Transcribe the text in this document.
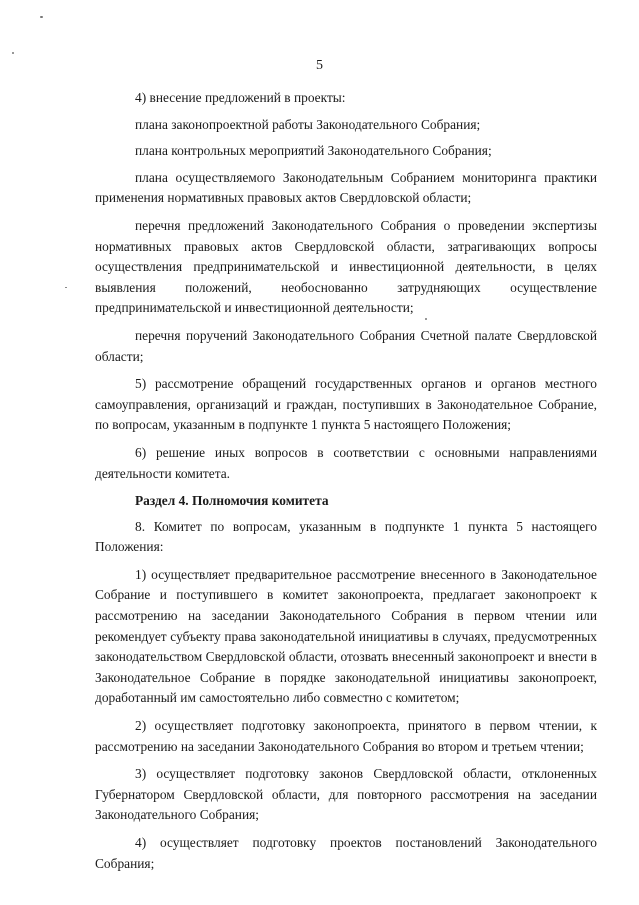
5

4) внесение предложений в проекты:

плана законопроектной работы Законодательного Собрания;

плана контрольных мероприятий Законодательного Собрания;

плана осуществляемого Законодательным Собранием мониторинга практики применения нормативных правовых актов Свердловской области;

перечня предложений Законодательного Собрания о проведении экспертизы нормативных правовых актов Свердловской области, затрагивающих вопросы осуществления предпринимательской и инвестиционной деятельности, в целях выявления положений, необоснованно затрудняющих осуществление предпринимательской и инвестиционной деятельности;

перечня поручений Законодательного Собрания Счетной палате Свердловской области;

5) рассмотрение обращений государственных органов и органов местного самоуправления, организаций и граждан, поступивших в Законодательное Собрание, по вопросам, указанным в подпункте 1 пункта 5 настоящего Положения;

6) решение иных вопросов в соответствии с основными направлениями деятельности комитета.

Раздел 4. Полномочия комитета

8. Комитет по вопросам, указанным в подпункте 1 пункта 5 настоящего Положения:

1) осуществляет предварительное рассмотрение внесенного в Законодательное Собрание и поступившего в комитет законопроекта, предлагает законопроект к рассмотрению на заседании Законодательного Собрания в первом чтении или рекомендует субъекту права законодательной инициативы в случаях, предусмотренных законодательством Свердловской области, отозвать внесенный законопроект и внести в Законодательное Собрание в порядке законодательной инициативы законопроект, доработанный им самостоятельно либо совместно с комитетом;

2) осуществляет подготовку законопроекта, принятого в первом чтении, к рассмотрению на заседании Законодательного Собрания во втором и третьем чтении;

3) осуществляет подготовку законов Свердловской области, отклоненных Губернатором Свердловской области, для повторного рассмотрения на заседании Законодательного Собрания;

4) осуществляет подготовку проектов постановлений Законодательного Собрания;
